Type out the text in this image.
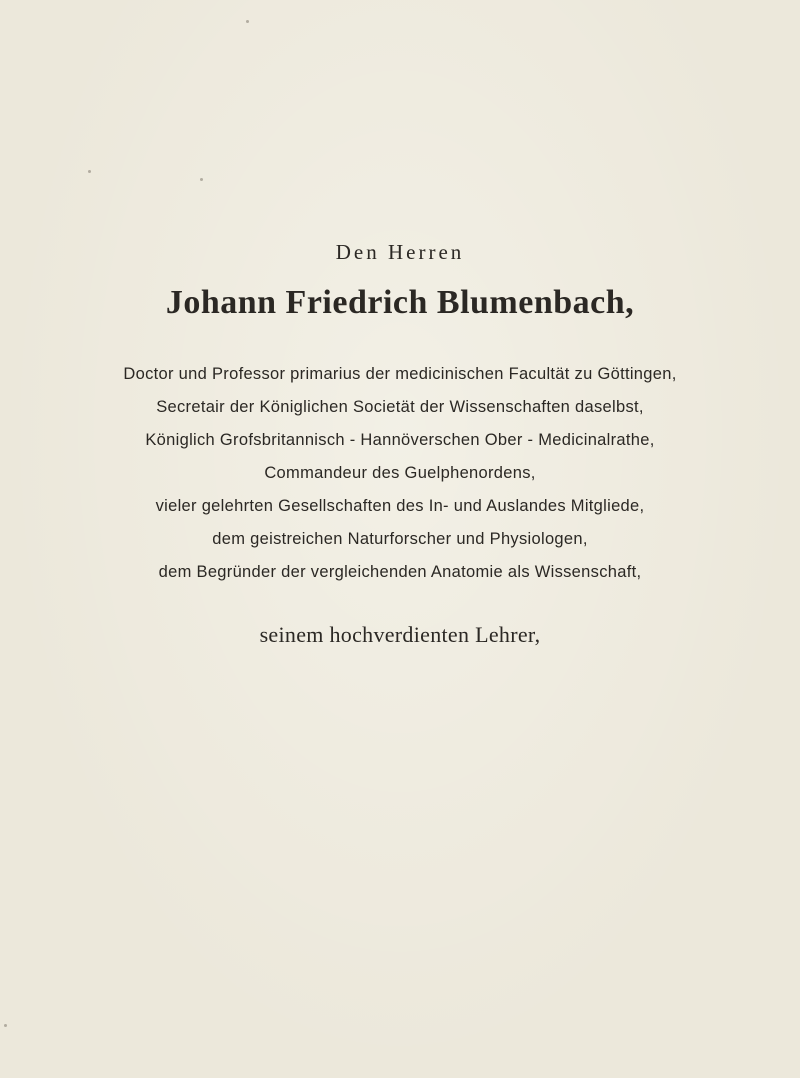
Den Herren
Johann Friedrich Blumenbach,
Doctor und Professor primarius der medicinischen Facultät zu Göttingen,
Secretair der Königlichen Societät der Wissenschaften daselbst,
Königlich Grofsbritannisch - Hannöverschen Ober - Medicinalrathe,
Commandeur des Guelphenordens,
vieler gelehrten Gesellschaften des In- und Auslandes Mitgliede,
dem geistreichen Naturforscher und Physiologen,
dem Begründer der vergleichenden Anatomie als Wissenschaft,
seinem hochverdienten Lehrer,
